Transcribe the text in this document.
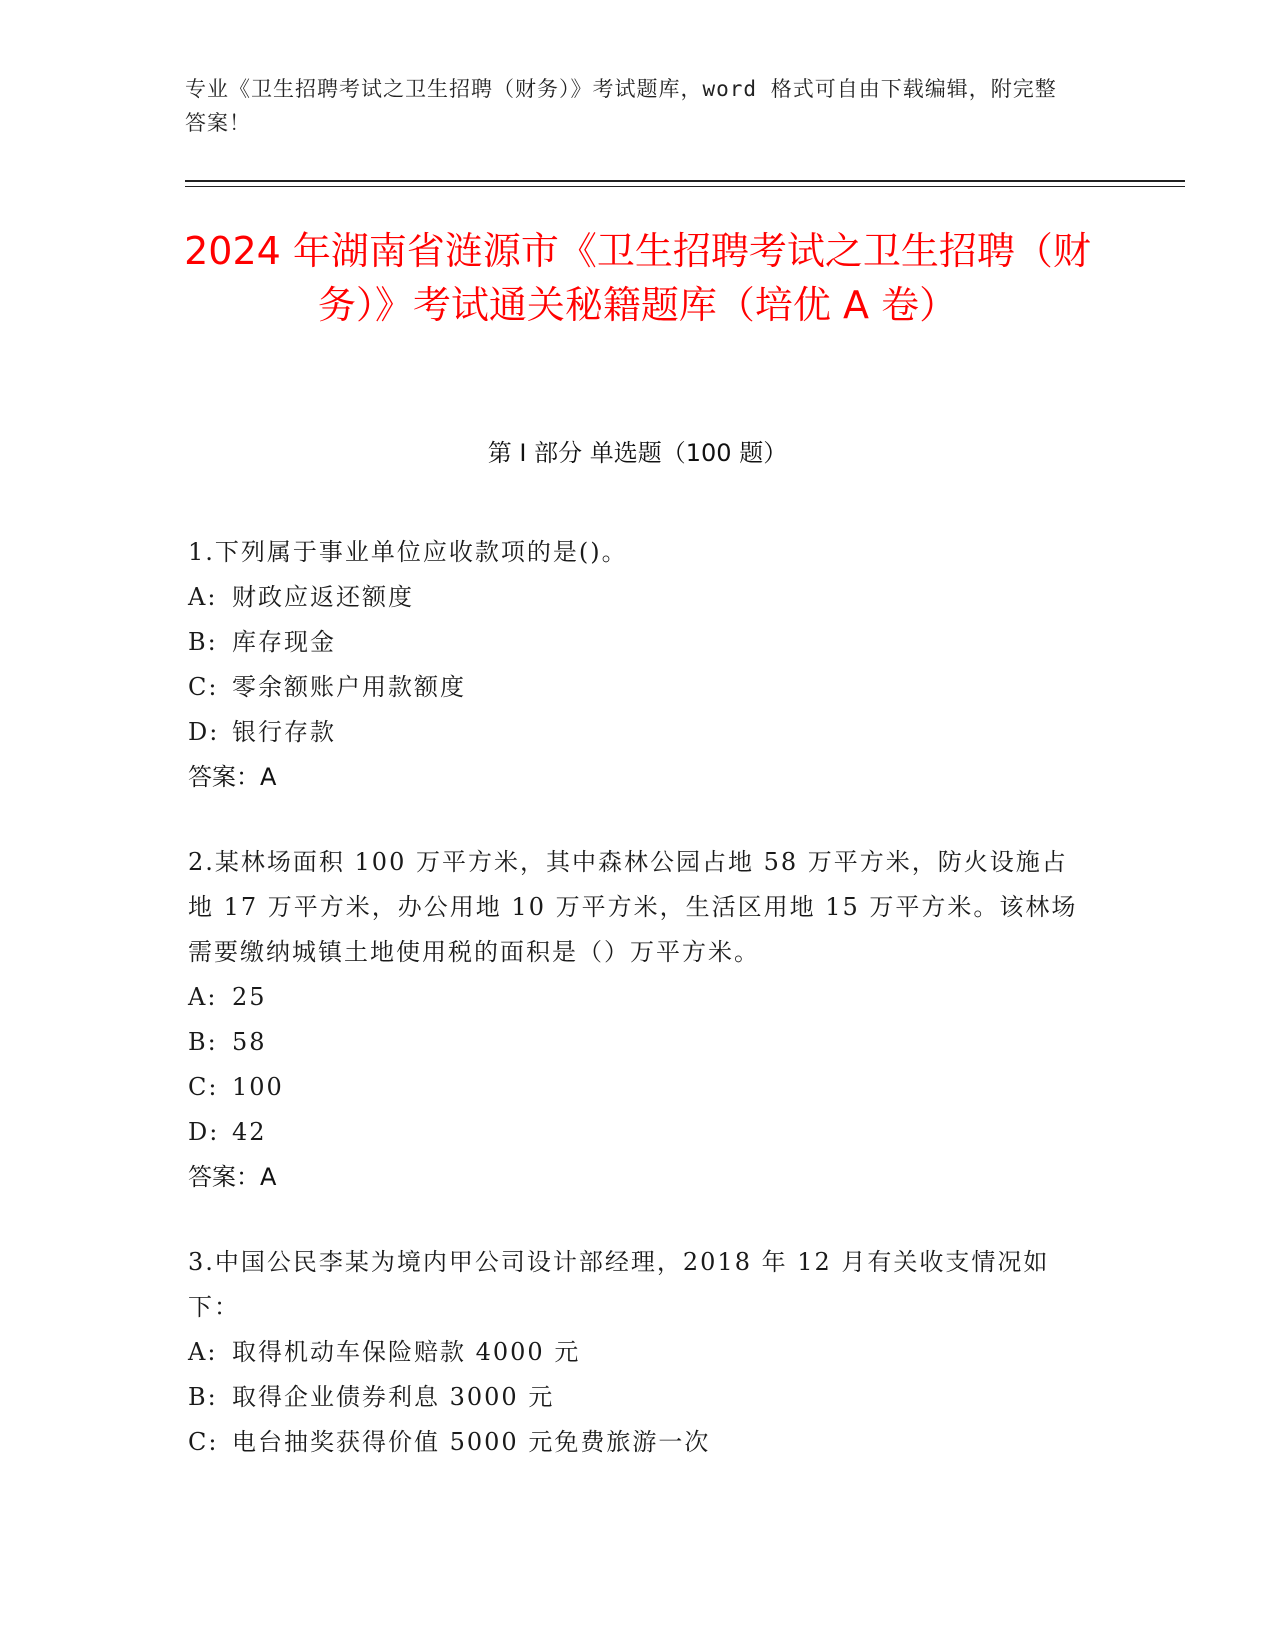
专业《卫生招聘考试之卫生招聘（财务）》考试题库，word 格式可自由下载编辑，附完整答案！
2024 年湖南省涟源市《卫生招聘考试之卫生招聘（财务）》考试通关秘籍题库（培优 A 卷）
第 I 部分 单选题（100 题）
1.下列属于事业单位应收款项的是()。
A: 财政应返还额度
B: 库存现金
C: 零余额账户用款额度
D: 银行存款
答案：A
2.某林场面积 100 万平方米，其中森林公园占地 58 万平方米，防火设施占地 17 万平方米，办公用地 10 万平方米，生活区用地 15 万平方米。该林场需要缴纳城镇土地使用税的面积是（）万平方米。
A: 25
B: 58
C: 100
D: 42
答案：A
3.中国公民李某为境内甲公司设计部经理，2018 年 12 月有关收支情况如下：
A: 取得机动车保险赔款 4000 元
B: 取得企业债券利息 3000 元
C: 电台抽奖获得价值 5000 元免费旅游一次
